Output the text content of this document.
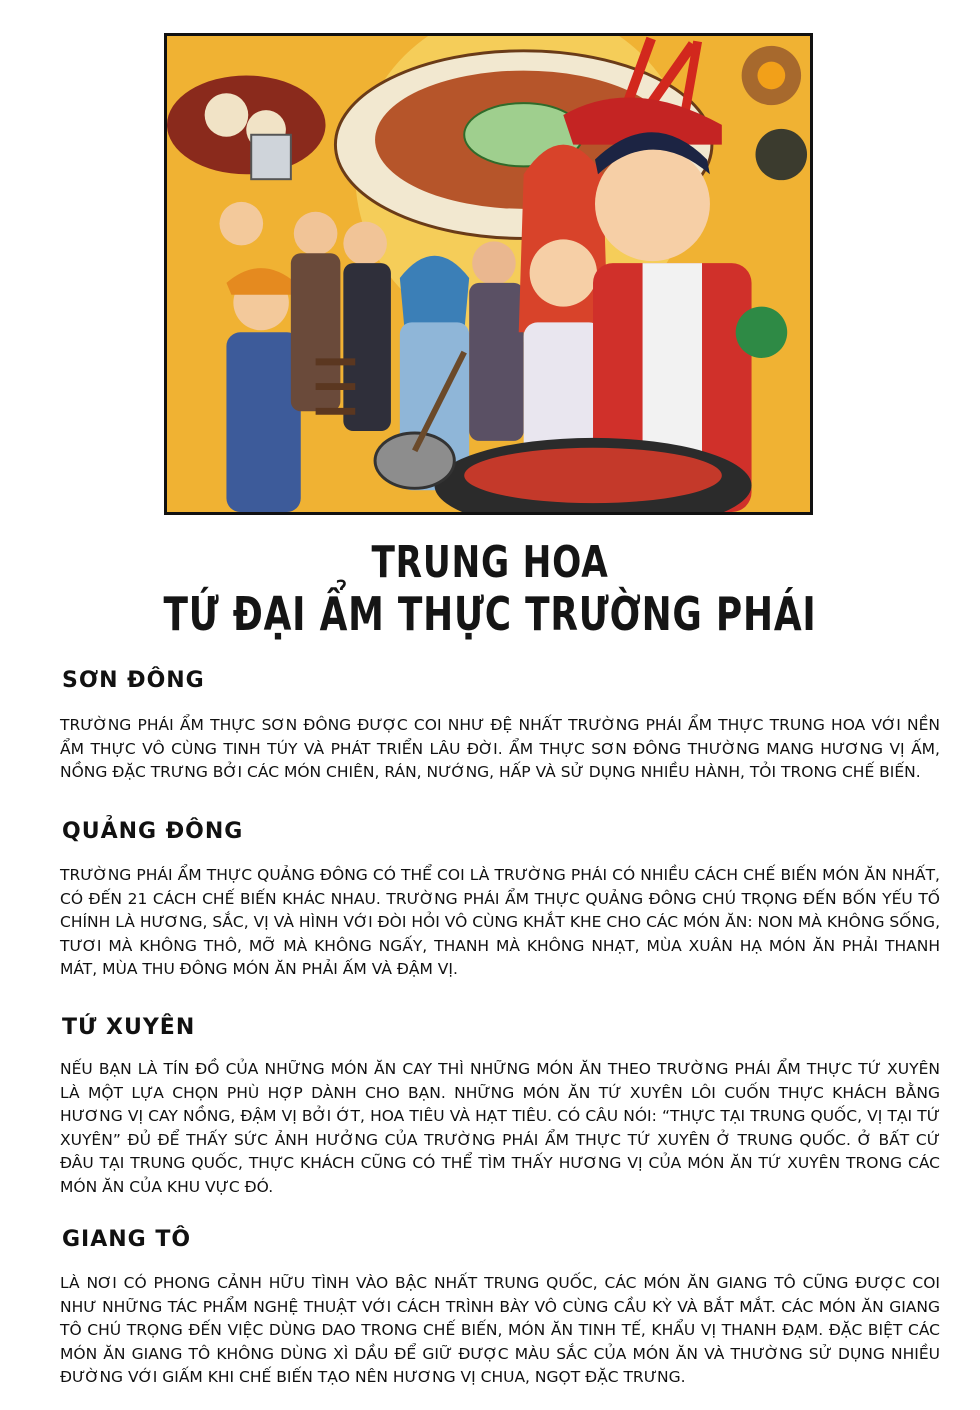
TRUNG HOA
TỨ ĐẠI ẨM THỰC TRƯỜNG PHÁI
SƠN ĐÔNG
TRƯỜNG PHÁI ẨM THỰC SƠN ĐÔNG ĐƯỢC COI NHƯ ĐỆ NHẤT TRƯỜNG PHÁI ẨM THỰC TRUNG HOA VỚI NỀN ẨM THỰC VÔ CÙNG TINH TÚY VÀ PHÁT TRIỂN LÂU ĐỜI. ẨM THỰC SƠN ĐÔNG THƯỜNG MANG HƯƠNG VỊ ẤM, NỒNG ĐẶC TRƯNG BỞI CÁC MÓN CHIÊN, RÁN, NƯỚNG, HẤP VÀ SỬ DỤNG NHIỀU HÀNH, TỎI TRONG CHẾ BIẾN.
QUẢNG ĐÔNG
TRƯỜNG PHÁI ẨM THỰC QUẢNG ĐÔNG CÓ THỂ COI LÀ TRƯỜNG PHÁI CÓ NHIỀU CÁCH CHẾ BIẾN MÓN ĂN NHẤT, CÓ ĐẾN 21 CÁCH CHẾ BIẾN KHÁC NHAU. TRƯỜNG PHÁI ẨM THỰC QUẢNG ĐÔNG CHÚ TRỌNG ĐẾN BỐN YẾU TỐ CHÍNH LÀ HƯƠNG, SẮC, VỊ VÀ HÌNH VỚI ĐÒI HỎI VÔ CÙNG KHẮT KHE CHO CÁC MÓN ĂN: NON MÀ KHÔNG SỐNG, TƯƠI MÀ KHÔNG THÔ, MỠ MÀ KHÔNG NGẤY, THANH MÀ KHÔNG NHẠT, MÙA XUÂN HẠ MÓN ĂN PHẢI THANH MÁT, MÙA THU ĐÔNG MÓN ĂN PHẢI ẤM VÀ ĐẬM VỊ.
TỨ XUYÊN
NẾU BẠN LÀ TÍN ĐỒ CỦA NHỮNG MÓN ĂN CAY THÌ NHỮNG MÓN ĂN THEO TRƯỜNG PHÁI ẨM THỰC TỨ XUYÊN LÀ MỘT LỰA CHỌN PHÙ HỢP DÀNH CHO BẠN. NHỮNG MÓN ĂN TỨ XUYÊN LÔI CUỐN THỰC KHÁCH BẰNG HƯƠNG VỊ CAY NỒNG, ĐẬM VỊ BỞI ỚT, HOA TIÊU VÀ HẠT TIÊU. CÓ CÂU NÓI: “THỰC TẠI TRUNG QUỐC, VỊ TẠI TỨ XUYÊN” ĐỦ ĐỂ THẤY SỨC ẢNH HƯỞNG CỦA TRƯỜNG PHÁI ẨM THỰC TỨ XUYÊN Ở TRUNG QUỐC. Ở BẤT CỨ ĐÂU TẠI TRUNG QUỐC, THỰC KHÁCH CŨNG CÓ THỂ TÌM THẤY HƯƠNG VỊ CỦA MÓN ĂN TỨ XUYÊN TRONG CÁC MÓN ĂN CỦA KHU VỰC ĐÓ.
GIANG TÔ
LÀ NƠI CÓ PHONG CẢNH HỮU TÌNH VÀO BẬC NHẤT TRUNG QUỐC, CÁC MÓN ĂN GIANG TÔ CŨNG ĐƯỢC COI NHƯ NHỮNG TÁC PHẨM NGHỆ THUẬT VỚI CÁCH TRÌNH BÀY VÔ CÙNG CẦU KỲ VÀ BẮT MẮT. CÁC MÓN ĂN GIANG TÔ CHÚ TRỌNG ĐẾN VIỆC DÙNG DAO TRONG CHẾ BIẾN, MÓN ĂN TINH TẾ, KHẨU VỊ THANH ĐẠM. ĐẶC BIỆT CÁC MÓN ĂN GIANG TÔ KHÔNG DÙNG XÌ DẦU ĐỂ GIỮ ĐƯỢC MÀU SẮC CỦA MÓN ĂN VÀ THƯỜNG SỬ DỤNG NHIỀU ĐƯỜNG VỚI GIẤM KHI CHẾ BIẾN TẠO NÊN HƯƠNG VỊ CHUA, NGỌT ĐẶC TRƯNG.
